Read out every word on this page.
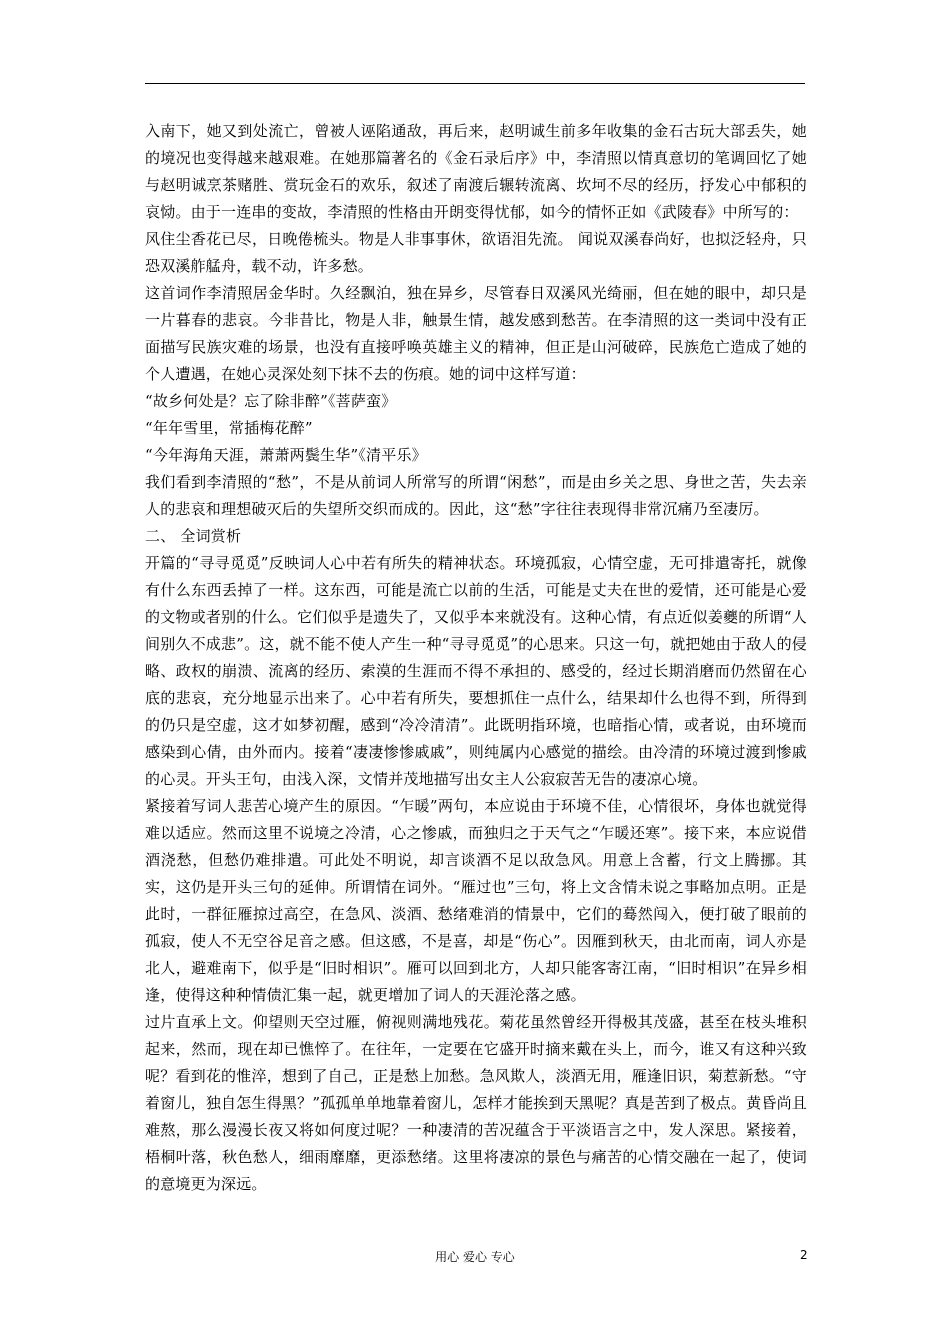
入南下，她又到处流亡，曾被人诬陷通敌，再后来，赵明诚生前多年收集的金石古玩大部丢失，她的境况也变得越来越艰难。在她那篇著名的《金石录后序》中，李清照以情真意切的笔调回忆了她与赵明诚烹茶赌胜、赏玩金石的欢乐，叙述了南渡后辗转流离、坎坷不尽的经历，抒发心中郁积的哀恸。由于一连串的变故，李清照的性格由开朗变得忧郁，如今的情怀正如《武陵春》中所写的：

风住尘香花已尽，日晚倦梳头。物是人非事事休，欲语泪先流。 闻说双溪春尚好，也拟泛轻舟，只恐双溪舴艋舟，载不动，许多愁。

这首词作李清照居金华时。久经飘泊，独在异乡，尽管春日双溪风光绮丽，但在她的眼中，却只是一片暮春的悲哀。今非昔比，物是人非，触景生情，越发感到愁苦。在李清照的这一类词中没有正面描写民族灾难的场景，也没有直接呼唤英雄主义的精神，但正是山河破碎，民族危亡造成了她的个人遭遇，在她心灵深处刻下抹不去的伤痕。她的词中这样写道：

“故乡何处是？忘了除非醉”《菩萨蛮》

“年年雪里，常插梅花醉”

“今年海角天涯，萧萧两鬓生华”《清平乐》

我们看到李清照的“愁”，不是从前词人所常写的所谓“闲愁”，而是由乡关之思、身世之苦，失去亲人的悲哀和理想破灭后的失望所交织而成的。因此，这“愁”字往往表现得非常沉痛乃至凄厉。

二、 全词赏析

开篇的“寻寻觅觅”反映词人心中若有所失的精神状态。环境孤寂，心情空虚，无可排遣寄托，就像有什么东西丢掉了一样。这东西，可能是流亡以前的生活，可能是丈夫在世的爱情，还可能是心爱的文物或者别的什么。它们似乎是遗失了，又似乎本来就没有。这种心情，有点近似姜夔的所谓“人间别久不成悲”。这，就不能不使人产生一种“寻寻觅觅”的心思来。只这一句，就把她由于敌人的侵略、政权的崩溃、流离的经历、索漠的生涯而不得不承担的、感受的，经过长期消磨而仍然留在心底的悲哀，充分地显示出来了。心中若有所失，要想抓住一点什么，结果却什么也得不到，所得到的仍只是空虚，这才如梦初醒，感到“冷冷清清”。此既明指环境，也暗指心情，或者说，由环境而感染到心倩，由外而内。接着“凄凄惨惨戚戚”，则纯属内心感觉的描绘。由冷清的环境过渡到惨戚的心灵。开头王句，由浅入深，文情并茂地描写出女主人公寂寂苦无告的凄凉心境。

紧接着写词人悲苦心境产生的原因。“乍暖”两句，本应说由于环境不佳，心情很坏，身体也就觉得难以适应。然而这里不说境之冷清，心之惨戚，而独归之于天气之“乍暖还寒”。接下来，本应说借酒浇愁，但愁仍难排遣。可此处不明说，却言谈酒不足以敌急风。用意上含蓄，行文上腾挪。其实，这仍是开头三句的延伸。所谓情在词外。“雁过也”三句，将上文含情未说之事略加点明。正是此时，一群征雁掠过高空，在急风、淡酒、愁绪难消的情景中，它们的蓦然闯入，便打破了眼前的孤寂，使人不无空谷足音之感。但这感，不是喜，却是“伤心”。因雁到秋天，由北而南，词人亦是北人，避难南下，似乎是“旧时相识”。雁可以回到北方，人却只能客寄江南，“旧时相识”在异乡相逢，使得这种种情债汇集一起，就更增加了词人的天涯沦落之感。

过片直承上文。仰望则天空过雁，俯视则满地残花。菊花虽然曾经开得极其茂盛，甚至在枝头堆积起来，然而，现在却已憔悴了。在往年，一定要在它盛开时摘来戴在头上，而今，谁又有这种兴致呢？看到花的惟淬，想到了自己，正是愁上加愁。急风欺人，淡酒无用，雁逢旧识，菊惹新愁。“守着窗儿，独自怎生得黑？”孤孤单单地靠着窗儿，怎样才能挨到天黑呢？真是苦到了极点。黄昏尚且难熬，那么漫漫长夜又将如何度过呢？一种凄清的苦况蕴含于平淡语言之中，发人深思。紧接着，梧桐叶落，秋色愁人，细雨靡靡，更添愁绪。这里将凄凉的景色与痛苦的心情交融在一起了，使词的意境更为深远。

用心 爱心 专心	2
